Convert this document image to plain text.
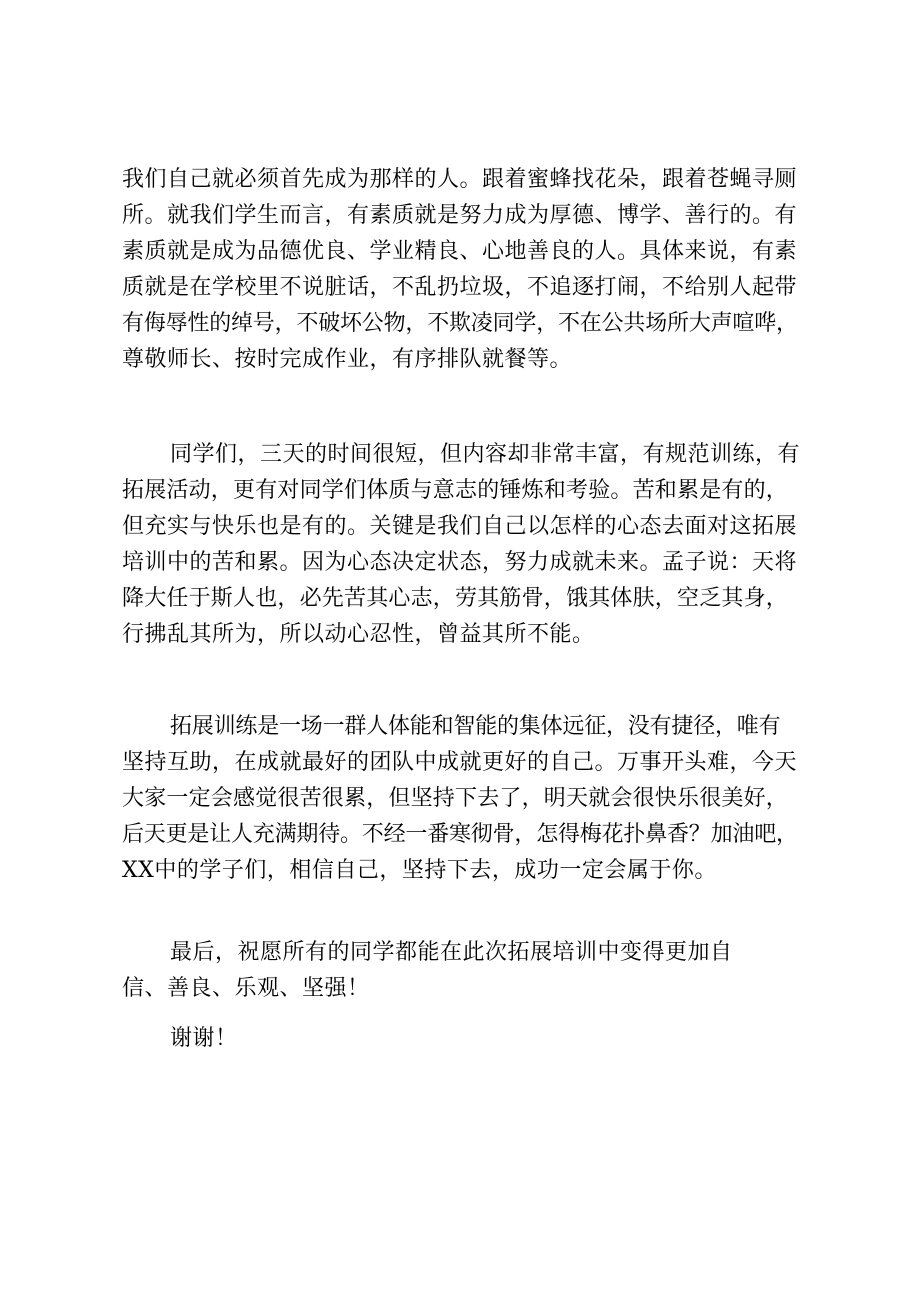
我们自己就必须首先成为那样的人。跟着蜜蜂找花朵，跟着苍蝇寻厕

所。就我们学生而言，有素质就是努力成为厚德、博学、善行的。有

素质就是成为品德优良、学业精良、心地善良的人。具体来说，有素

质就是在学校里不说脏话，不乱扔垃圾，不追逐打闹，不给别人起带

有侮辱性的绰号，不破坏公物，不欺凌同学，不在公共场所大声喧哗，

尊敬师长、按时完成作业，有序排队就餐等。

同学们，三天的时间很短，但内容却非常丰富，有规范训练，有

拓展活动，更有对同学们体质与意志的锤炼和考验。苦和累是有的，

但充实与快乐也是有的。关键是我们自己以怎样的心态去面对这拓展

培训中的苦和累。因为心态决定状态，努力成就未来。孟子说：天将

降大任于斯人也，必先苦其心志，劳其筋骨，饿其体肤，空乏其身，

行拂乱其所为，所以动心忍性，曾益其所不能。

拓展训练是一场一群人体能和智能的集体远征，没有捷径，唯有

坚持互助，在成就最好的团队中成就更好的自己。万事开头难，今天

大家一定会感觉很苦很累，但坚持下去了，明天就会很快乐很美好，

后天更是让人充满期待。不经一番寒彻骨，怎得梅花扑鼻香？加油吧，

XX中的学子们，相信自己，坚持下去，成功一定会属于你。

最后，祝愿所有的同学都能在此次拓展培训中变得更加自

信、善良、乐观、坚强！

谢谢！
